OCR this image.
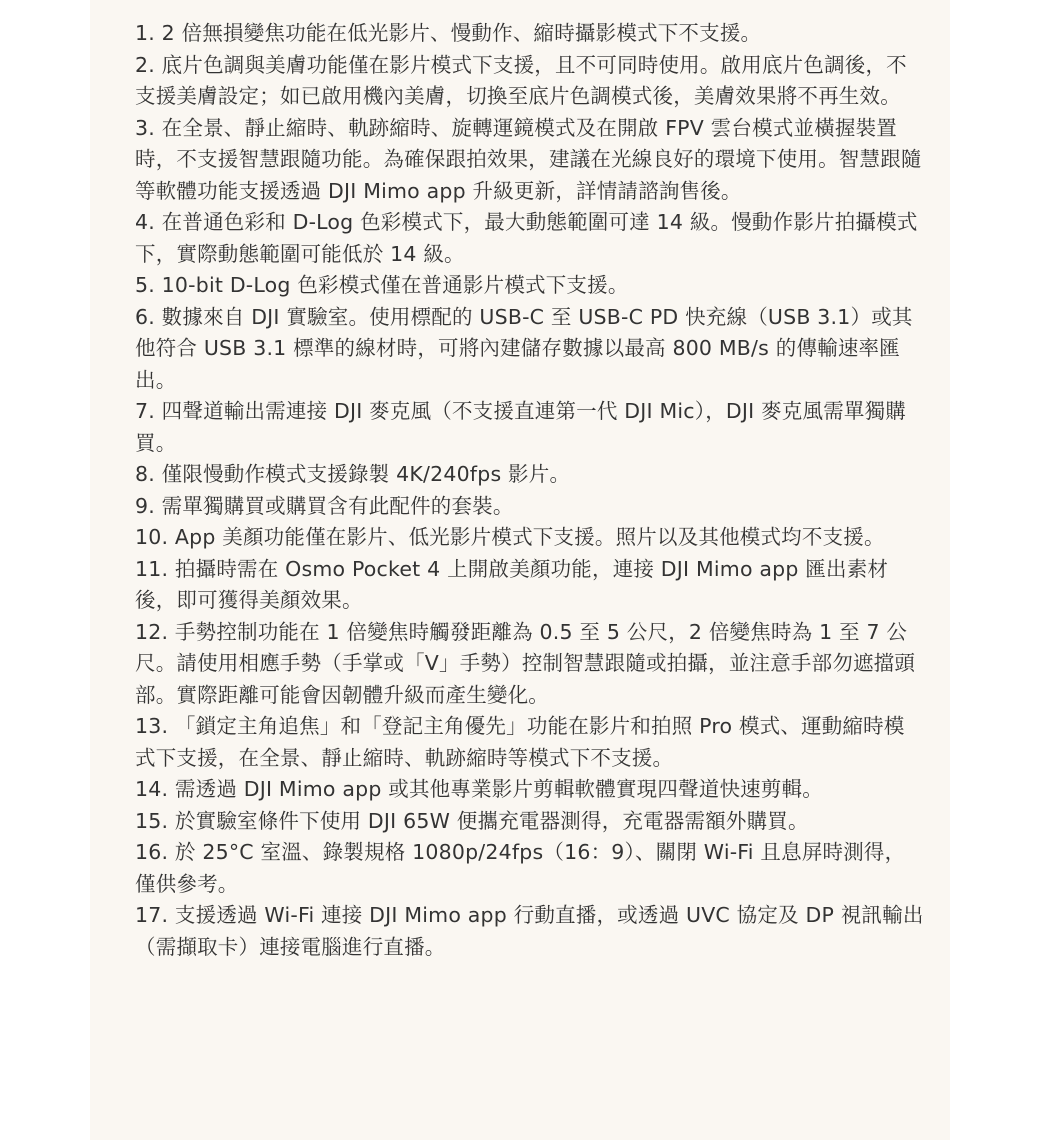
1. 2 倍無損變焦功能在低光影片、慢動作、縮時攝影模式下不支援。
2. 底片色調與美膚功能僅在影片模式下支援，且不可同時使用。啟用底片色調後，不支援美膚設定；如已啟用機內美膚，切換至底片色調模式後，美膚效果將不再生效。
3. 在全景、靜止縮時、軌跡縮時、旋轉運鏡模式及在開啟 FPV 雲台模式並橫握裝置時，不支援智慧跟隨功能。為確保跟拍效果，建議在光線良好的環境下使用。智慧跟隨等軟體功能支援透過 DJI Mimo app 升級更新，詳情請諮詢售後。
4. 在普通色彩和 D-Log 色彩模式下，最大動態範圍可達 14 級。慢動作影片拍攝模式下，實際動態範圍可能低於 14 級。
5. 10-bit D-Log 色彩模式僅在普通影片模式下支援。
6. 數據來自 DJI 實驗室。使用標配的 USB-C 至 USB-C PD 快充線（USB 3.1）或其他符合 USB 3.1 標準的線材時，可將內建儲存數據以最高 800 MB/s 的傳輸速率匯出。
7. 四聲道輸出需連接 DJI 麥克風（不支援直連第一代 DJI Mic），DJI 麥克風需單獨購買。
8. 僅限慢動作模式支援錄製 4K/240fps 影片。
9. 需單獨購買或購買含有此配件的套裝。
10. App 美顏功能僅在影片、低光影片模式下支援。照片以及其他模式均不支援。
11. 拍攝時需在 Osmo Pocket 4 上開啟美顏功能，連接 DJI Mimo app 匯出素材後，即可獲得美顏效果。
12. 手勢控制功能在 1 倍變焦時觸發距離為 0.5 至 5 公尺，2 倍變焦時為 1 至 7 公尺。請使用相應手勢（手掌或「V」手勢）控制智慧跟隨或拍攝，並注意手部勿遮擋頭部。實際距離可能會因韌體升級而產生變化。
13. 「鎖定主角追焦」和「登記主角優先」功能在影片和拍照 Pro 模式、運動縮時模式下支援，在全景、靜止縮時、軌跡縮時等模式下不支援。
14. 需透過 DJI Mimo app 或其他專業影片剪輯軟體實現四聲道快速剪輯。
15. 於實驗室條件下使用 DJI 65W 便攜充電器測得，充電器需額外購買。
16. 於 25°C 室溫、錄製規格 1080p/24fps（16：9）、關閉 Wi-Fi 且息屏時測得，僅供參考。
17. 支援透過 Wi-Fi 連接 DJI Mimo app 行動直播，或透過 UVC 協定及 DP 視訊輸出（需擷取卡）連接電腦進行直播。
